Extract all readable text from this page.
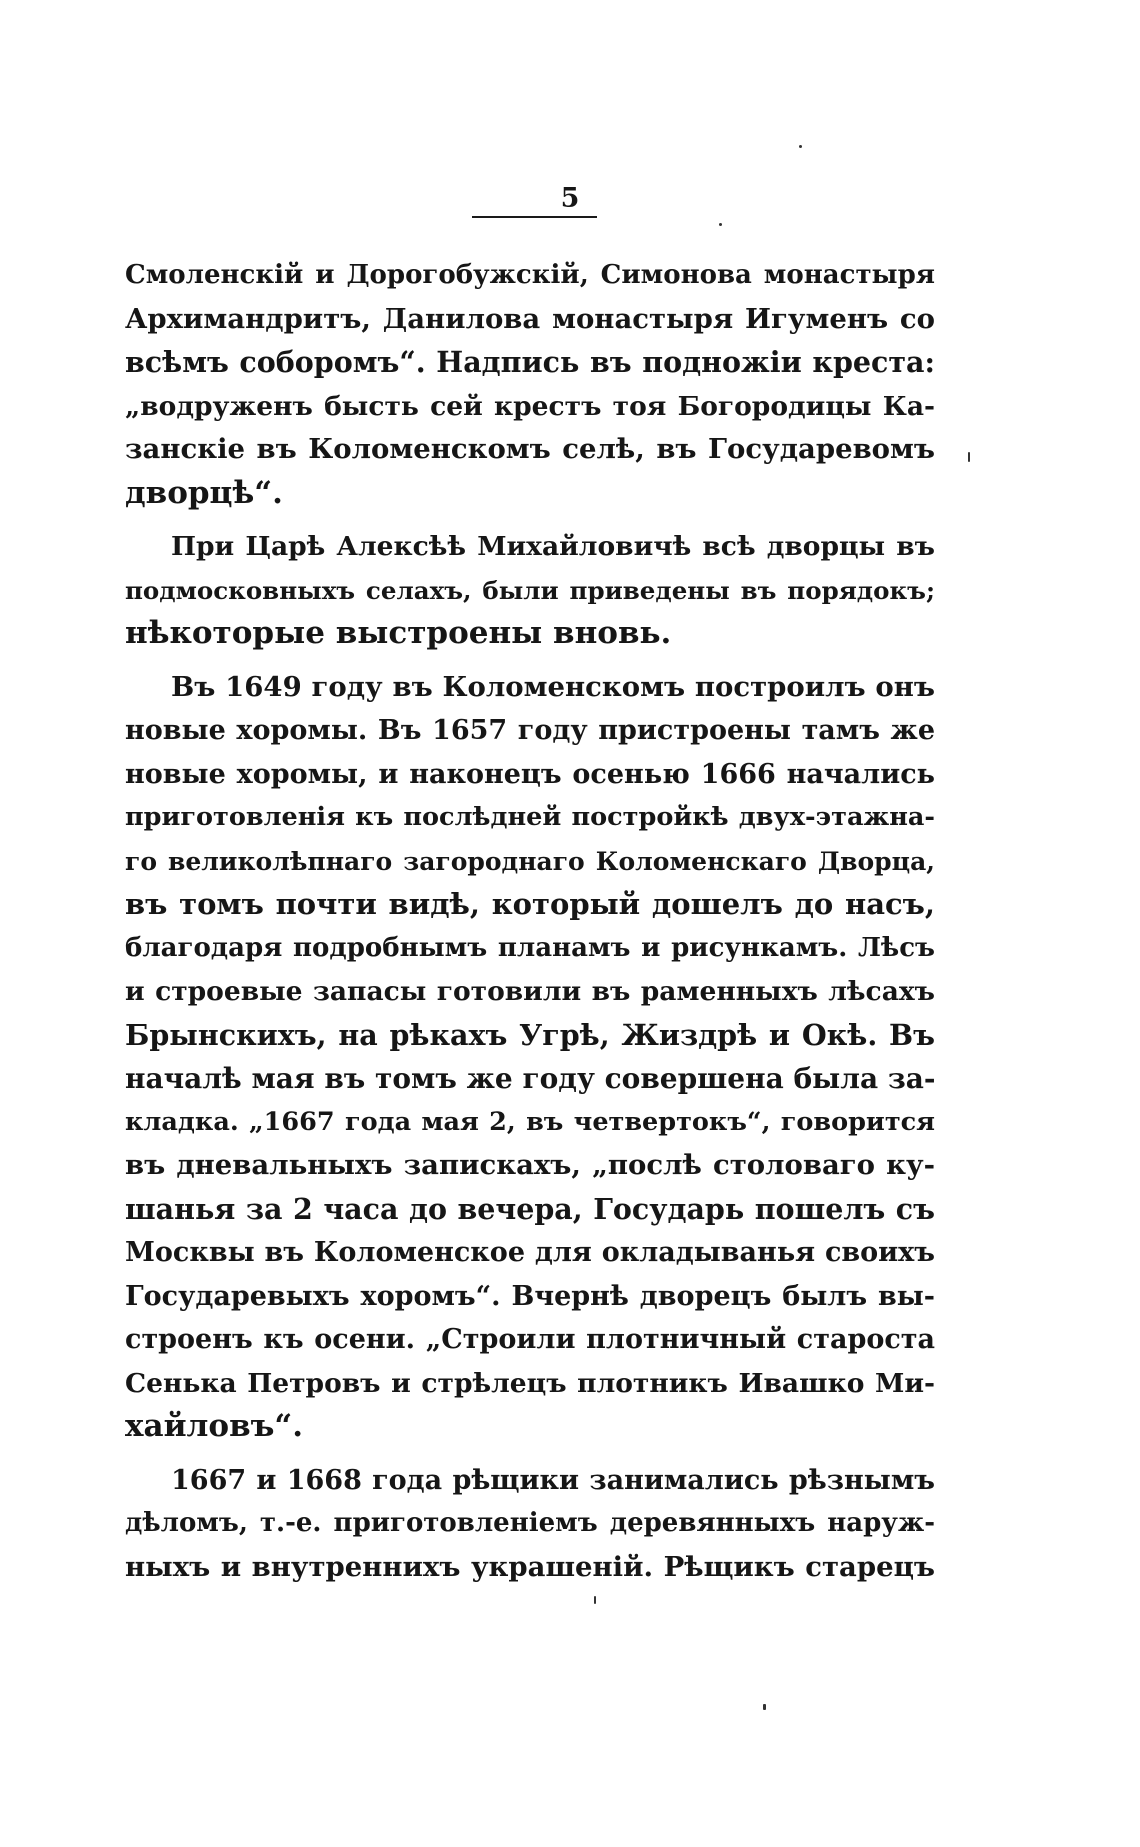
5
Смоленскій и Дорогобужскій, Симонова монастыря
Архимандритъ, Данилова монастыря Игуменъ со
всѣмъ соборомъ“. Надпись въ подножіи креста:
„водруженъ бысть сей крестъ тоя Богородицы Ка-
занскіе въ Коломенскомъ селѣ, въ Государевомъ
дворцѣ“.
При Царѣ Алексѣѣ Михайловичѣ всѣ дворцы въ
подмосковныхъ селахъ, были приведены въ порядокъ;
нѣкоторые выстроены вновь.
Въ 1649 году въ Коломенскомъ построилъ онъ
новые хоромы. Въ 1657 году пристроены тамъ же
новые хоромы, и наконецъ осенью 1666 начались
приготовленія къ послѣдней постройкѣ двух-этажна-
го великолѣпнаго загороднаго Коломенскаго Дворца,
въ томъ почти видѣ, который дошелъ до насъ,
благодаря подробнымъ планамъ и рисункамъ. Лѣсъ
и строевые запасы готовили въ раменныхъ лѣсахъ
Брынскихъ, на рѣкахъ Угрѣ, Жиздрѣ и Окѣ. Въ
началѣ мая въ томъ же году совершена была за-
кладка. „1667 года мая 2, въ четвертокъ“, говорится
въ дневальныхъ запискахъ, „послѣ столоваго ку-
шанья за 2 часа до вечера, Государь пошелъ съ
Москвы въ Коломенское для окладыванья своихъ
Государевыхъ хоромъ“. Вчернѣ дворецъ былъ вы-
строенъ къ осени. „Строили плотничный староста
Сенька Петровъ и стрѣлецъ плотникъ Ивашко Ми-
хайловъ“.
1667 и 1668 года рѣщики занимались рѣзнымъ
дѣломъ, т.-е. приготовленіемъ деревянныхъ наруж-
ныхъ и внутреннихъ украшеній. Рѣщикъ старецъ
